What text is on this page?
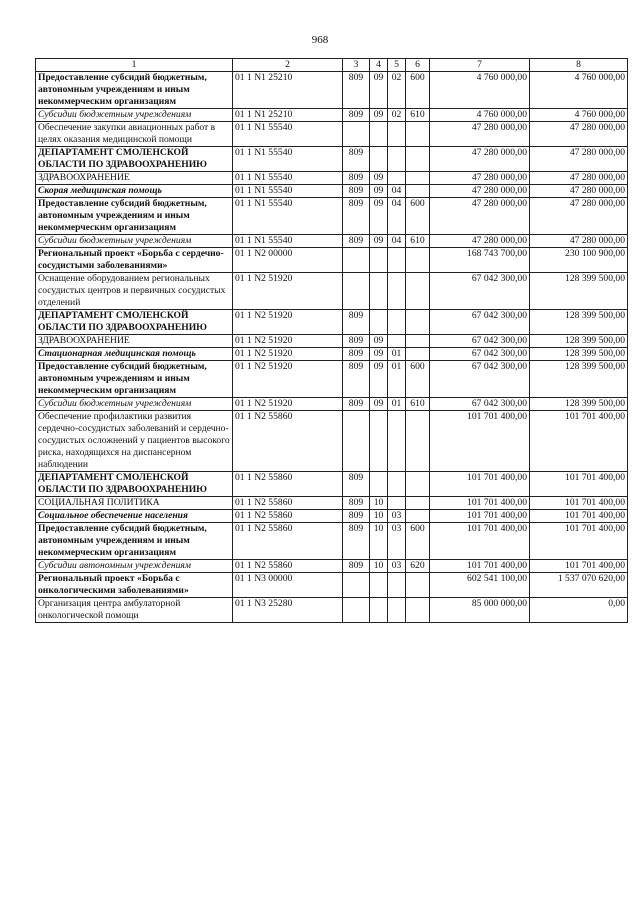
968
1	2	3	4	5	6	7	8
Предоставление субсидий бюджетным, автономным учреждениям и иным некоммерческим организациям	01 1 N1 25210	809	09	02	600	4 760 000,00	4 760 000,00
Субсидии бюджетным учреждениям	01 1 N1 25210	809	09	02	610	4 760 000,00	4 760 000,00
Обеспечение закупки авиационных работ в целях оказания медицинской помощи	01 1 N1 55540					47 280 000,00	47 280 000,00
ДЕПАРТАМЕНТ СМОЛЕНСКОЙ ОБЛАСТИ ПО ЗДРАВООХРАНЕНИЮ	01 1 N1 55540	809				47 280 000,00	47 280 000,00
ЗДРАВООХРАНЕНИЕ	01 1 N1 55540	809	09			47 280 000,00	47 280 000,00
Скорая медицинская помощь	01 1 N1 55540	809	09	04		47 280 000,00	47 280 000,00
Предоставление субсидий бюджетным, автономным учреждениям и иным некоммерческим организациям	01 1 N1 55540	809	09	04	600	47 280 000,00	47 280 000,00
Субсидии бюджетным учреждениям	01 1 N1 55540	809	09	04	610	47 280 000,00	47 280 000,00
Региональный проект «Борьба с сердечно-сосудистыми заболеваниями»	01 1 N2 00000					168 743 700,00	230 100 900,00
Оснащение оборудованием региональных сосудистых центров и первичных сосудистых отделений	01 1 N2 51920					67 042 300,00	128 399 500,00
ДЕПАРТАМЕНТ СМОЛЕНСКОЙ ОБЛАСТИ ПО ЗДРАВООХРАНЕНИЮ	01 1 N2 51920	809				67 042 300,00	128 399 500,00
ЗДРАВООХРАНЕНИЕ	01 1 N2 51920	809	09			67 042 300,00	128 399 500,00
Стационарная медицинская помощь	01 1 N2 51920	809	09	01		67 042 300,00	128 399 500,00
Предоставление субсидий бюджетным, автономным учреждениям и иным некоммерческим организациям	01 1 N2 51920	809	09	01	600	67 042 300,00	128 399 500,00
Субсидии бюджетным учреждениям	01 1 N2 51920	809	09	01	610	67 042 300,00	128 399 500,00
Обеспечение профилактики развития сердечно-сосудистых заболеваний и сердечно-сосудистых осложнений у пациентов высокого риска, находящихся на диспансерном наблюдении	01 1 N2 55860					101 701 400,00	101 701 400,00
ДЕПАРТАМЕНТ СМОЛЕНСКОЙ ОБЛАСТИ ПО ЗДРАВООХРАНЕНИЮ	01 1 N2 55860	809				101 701 400,00	101 701 400,00
СОЦИАЛЬНАЯ ПОЛИТИКА	01 1 N2 55860	809	10			101 701 400,00	101 701 400,00
Социальное обеспечение населения	01 1 N2 55860	809	10	03		101 701 400,00	101 701 400,00
Предоставление субсидий бюджетным, автономным учреждениям и иным некоммерческим организациям	01 1 N2 55860	809	10	03	600	101 701 400,00	101 701 400,00
Субсидии автономным учреждениям	01 1 N2 55860	809	10	03	620	101 701 400,00	101 701 400,00
Региональный проект «Борьба с онкологическими заболеваниями»	01 1 N3 00000					602 541 100,00	1 537 070 620,00
Организация центра амбулаторной онкологической помощи	01 1 N3 25280					85 000 000,00	0,00
